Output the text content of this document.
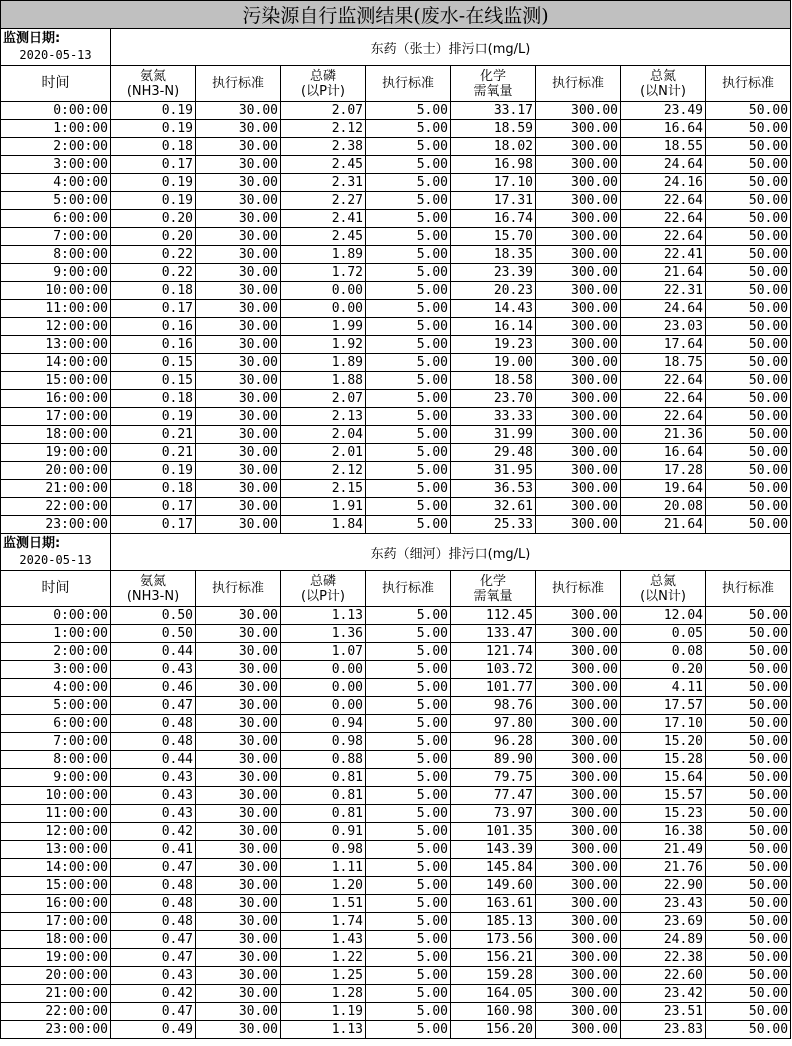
污染源自行监测结果(废水-在线监测)								

监测日期:
2020-05-13	东药（张士）排污口(mg/L)							
时间	氨氮
(NH3-N)	执行标准	总磷
(以P计)	执行标准	化学
需氧量	执行标准	总氮
(以N计)	执行标准
0:00:00	0.19	30.00	2.07	5.00	33.17	300.00	23.49	50.00
1:00:00	0.19	30.00	2.12	5.00	18.59	300.00	16.64	50.00
2:00:00	0.18	30.00	2.38	5.00	18.02	300.00	18.55	50.00
3:00:00	0.17	30.00	2.45	5.00	16.98	300.00	24.64	50.00
4:00:00	0.19	30.00	2.31	5.00	17.10	300.00	24.16	50.00
5:00:00	0.19	30.00	2.27	5.00	17.31	300.00	22.64	50.00
6:00:00	0.20	30.00	2.41	5.00	16.74	300.00	22.64	50.00
7:00:00	0.20	30.00	2.45	5.00	15.70	300.00	22.64	50.00
8:00:00	0.22	30.00	1.89	5.00	18.35	300.00	22.41	50.00
9:00:00	0.22	30.00	1.72	5.00	23.39	300.00	21.64	50.00
10:00:00	0.18	30.00	0.00	5.00	20.23	300.00	22.31	50.00
11:00:00	0.17	30.00	0.00	5.00	14.43	300.00	24.64	50.00
12:00:00	0.16	30.00	1.99	5.00	16.14	300.00	23.03	50.00
13:00:00	0.16	30.00	1.92	5.00	19.23	300.00	17.64	50.00
14:00:00	0.15	30.00	1.89	5.00	19.00	300.00	18.75	50.00
15:00:00	0.15	30.00	1.88	5.00	18.58	300.00	22.64	50.00
16:00:00	0.18	30.00	2.07	5.00	23.70	300.00	22.64	50.00
17:00:00	0.19	30.00	2.13	5.00	33.33	300.00	22.64	50.00
18:00:00	0.21	30.00	2.04	5.00	31.99	300.00	21.36	50.00
19:00:00	0.21	30.00	2.01	5.00	29.48	300.00	16.64	50.00
20:00:00	0.19	30.00	2.12	5.00	31.95	300.00	17.28	50.00
21:00:00	0.18	30.00	2.15	5.00	36.53	300.00	19.64	50.00
22:00:00	0.17	30.00	1.91	5.00	32.61	300.00	20.08	50.00
23:00:00	0.17	30.00	1.84	5.00	25.33	300.00	21.64	50.00

监测日期:
2020-05-13	东药（细河）排污口(mg/L)							
时间	氨氮
(NH3-N)	执行标准	总磷
(以P计)	执行标准	化学
需氧量	执行标准	总氮
(以N计)	执行标准
0:00:00	0.50	30.00	1.13	5.00	112.45	300.00	12.04	50.00
1:00:00	0.50	30.00	1.36	5.00	133.47	300.00	0.05	50.00
2:00:00	0.44	30.00	1.07	5.00	121.74	300.00	0.08	50.00
3:00:00	0.43	30.00	0.00	5.00	103.72	300.00	0.20	50.00
4:00:00	0.46	30.00	0.00	5.00	101.77	300.00	4.11	50.00
5:00:00	0.47	30.00	0.00	5.00	98.76	300.00	17.57	50.00
6:00:00	0.48	30.00	0.94	5.00	97.80	300.00	17.10	50.00
7:00:00	0.48	30.00	0.98	5.00	96.28	300.00	15.20	50.00
8:00:00	0.44	30.00	0.88	5.00	89.90	300.00	15.28	50.00
9:00:00	0.43	30.00	0.81	5.00	79.75	300.00	15.64	50.00
10:00:00	0.43	30.00	0.81	5.00	77.47	300.00	15.57	50.00
11:00:00	0.43	30.00	0.81	5.00	73.97	300.00	15.23	50.00
12:00:00	0.42	30.00	0.91	5.00	101.35	300.00	16.38	50.00
13:00:00	0.41	30.00	0.98	5.00	143.39	300.00	21.49	50.00
14:00:00	0.47	30.00	1.11	5.00	145.84	300.00	21.76	50.00
15:00:00	0.48	30.00	1.20	5.00	149.60	300.00	22.90	50.00
16:00:00	0.48	30.00	1.51	5.00	163.61	300.00	23.43	50.00
17:00:00	0.48	30.00	1.74	5.00	185.13	300.00	23.69	50.00
18:00:00	0.47	30.00	1.43	5.00	173.56	300.00	24.89	50.00
19:00:00	0.47	30.00	1.22	5.00	156.21	300.00	22.38	50.00
20:00:00	0.43	30.00	1.25	5.00	159.28	300.00	22.60	50.00
21:00:00	0.42	30.00	1.28	5.00	164.05	300.00	23.42	50.00
22:00:00	0.47	30.00	1.19	5.00	160.98	300.00	23.51	50.00
23:00:00	0.49	30.00	1.13	5.00	156.20	300.00	23.83	50.00
